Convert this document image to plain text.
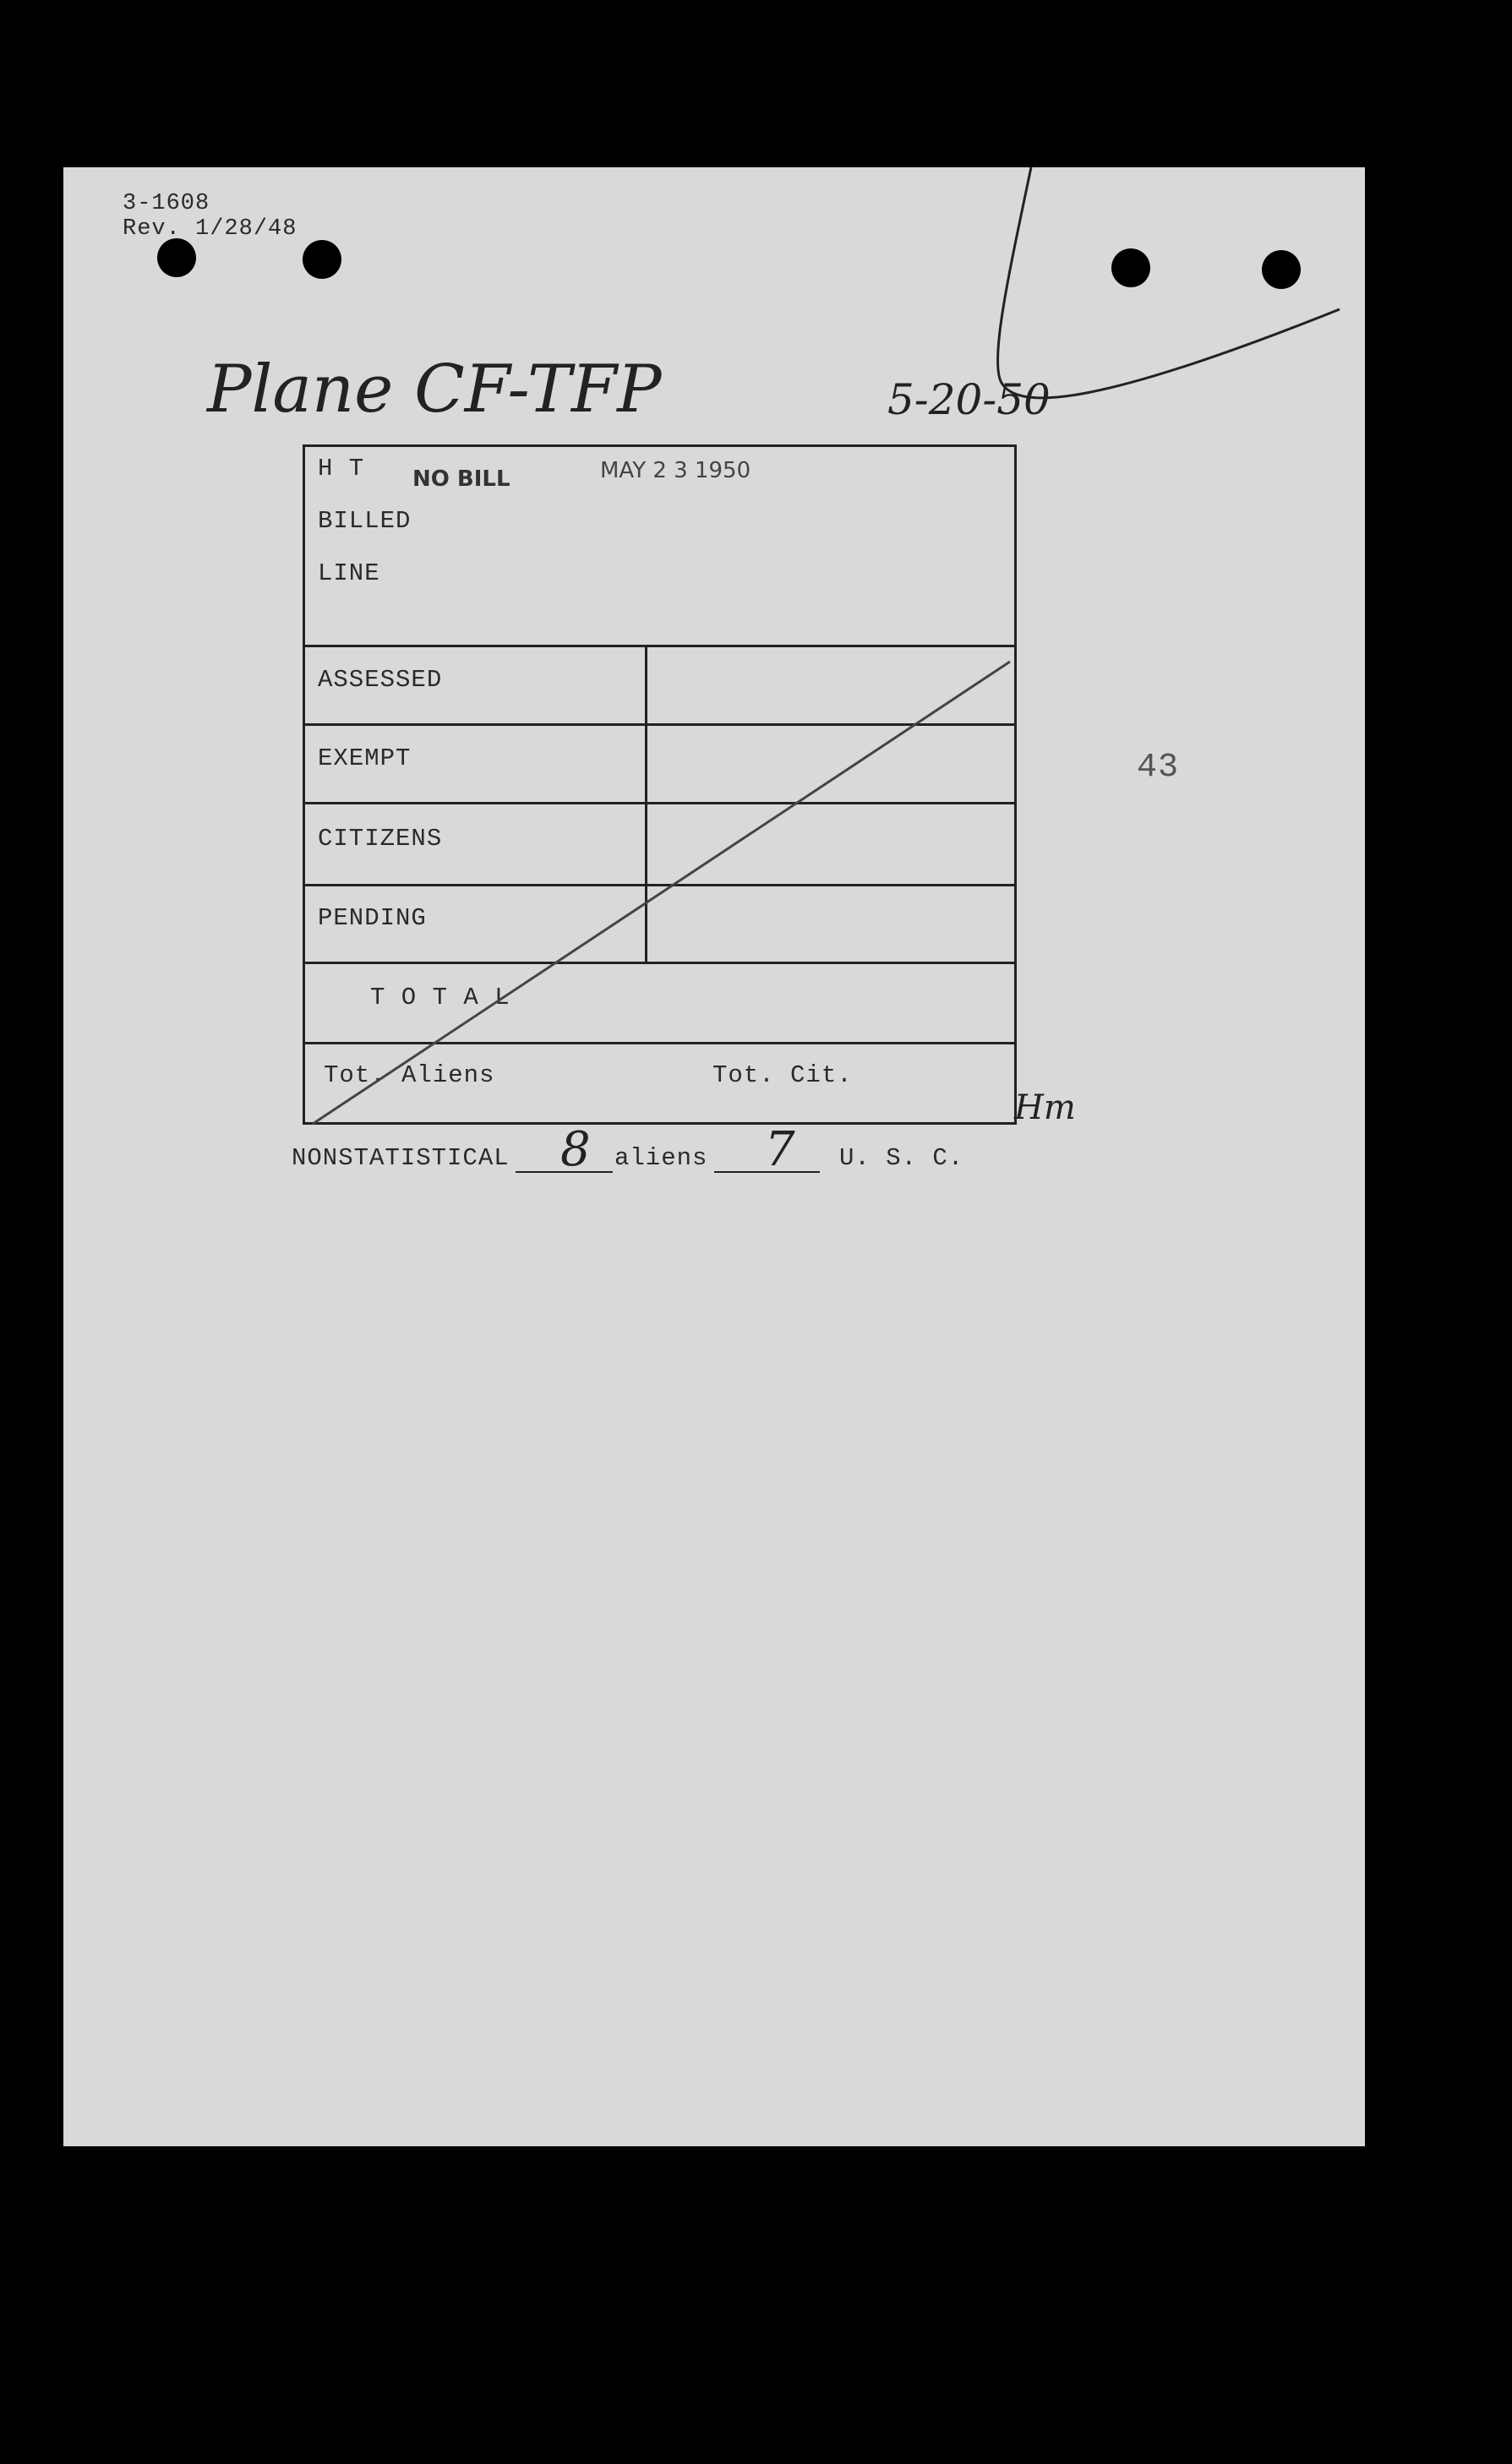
3-1608
Rev. 1/28/48
Plane CF-TFP	5-20-50
H T
BILLED
LINE
NO BILL	MAY 2 3 1950
ASSESSED
EXEMPT
CITIZENS
PENDING
T O T A L
Tot. Aliens	Tot. Cit.
43
Hm
NONSTATISTICAL 8 aliens 7 U. S. C.
